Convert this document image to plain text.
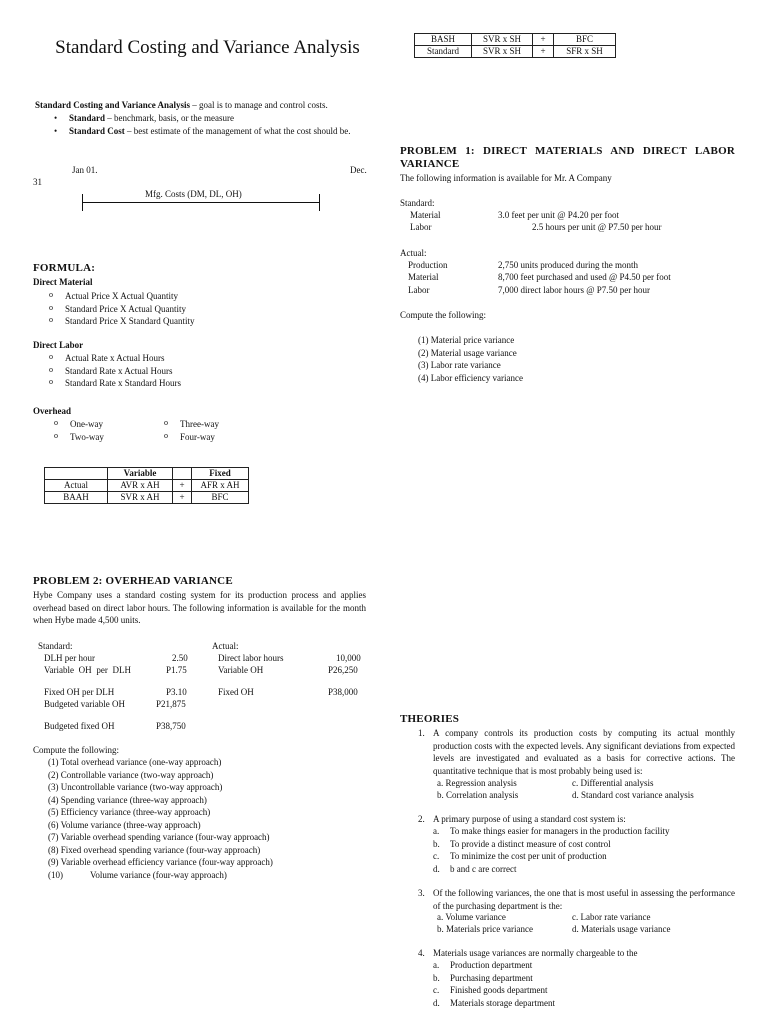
Standard Costing and Variance Analysis
Standard Costing and Variance Analysis – goal is to manage and control costs.
• Standard – benchmark, basis, or the measure
• Standard Cost – best estimate of the management of what the cost should be.
Jan 01.	Dec.
31
Mfg. Costs (DM, DL, OH)
FORMULA:
Direct Material
o Actual Price X Actual Quantity
o Standard Price X Actual Quantity
o Standard Price X Standard Quantity
Direct Labor
o Actual Rate x Actual Hours
o Standard Rate x Actual Hours
o Standard Rate x Standard Hours
Overhead
o One-way
o Two-way
o Three-way
o Four-way
	Variable		Fixed
Actual	AVR x AH	+	AFR x AH
BAAH	SVR x AH	+	BFC
PROBLEM 2: OVERHEAD VARIANCE
Hybe Company uses a standard costing system for its production process and applies overhead based on direct labor hours. The following information is available for the month when Hybe made 4,500 units.
Standard:
DLH per hour	2.50
Variable OH per DLH	P1.75
Fixed OH per DLH	P3.10
Budgeted variable OH	P21,875
Budgeted fixed OH	P38,750
Actual:
Direct labor hours	10,000
Variable OH	P26,250
Fixed OH	P38,000
Compute the following:
(1) Total overhead variance (one-way approach)
(2) Controllable variance (two-way approach)
(3) Uncontrollable variance (two-way approach)
(4) Spending variance (three-way approach)
(5) Efficiency variance (three-way approach)
(6) Volume variance (three-way approach)
(7) Variable overhead spending variance (four-way approach)
(8) Fixed overhead spending variance (four-way approach)
(9) Variable overhead efficiency variance (four-way approach)
(10)	Volume variance (four-way approach)
BASH	SVR x SH	+	BFC
Standard	SVR x SH	+	SFR x SH
PROBLEM 1: DIRECT MATERIALS AND DIRECT LABOR VARIANCE
The following information is available for Mr. A Company
Standard:
Material	3.0 feet per unit @ P4.20 per foot
Labor	2.5 hours per unit @ P7.50 per hour
Actual:
Production	2,750 units produced during the month
Material	8,700 feet purchased and used @ P4.50 per foot
Labor	7,000 direct labor hours @ P7.50 per hour
Compute the following:
(1) Material price variance
(2) Material usage variance
(3) Labor rate variance
(4) Labor efficiency variance
THEORIES
1. A company controls its production costs by computing its actual monthly production costs with the expected levels. Any significant deviations from expected levels are investigated and evaluated as a basis for corrective actions. The quantitative technique that is most probably being used is:
a. Regression analysis	c. Differential analysis
b. Correlation analysis	d. Standard cost variance analysis
2. A primary purpose of using a standard cost system is:
a. To make things easier for managers in the production facility
b. To provide a distinct measure of cost control
c. To minimize the cost per unit of production
d. b and c are correct
3. Of the following variances, the one that is most useful in assessing the performance of the purchasing department is the:
a. Volume variance	c. Labor rate variance
b. Materials price variance	d. Materials usage variance
4. Materials usage variances are normally chargeable to the
a. Production department
b. Purchasing department
c. Finished goods department
d. Materials storage department
